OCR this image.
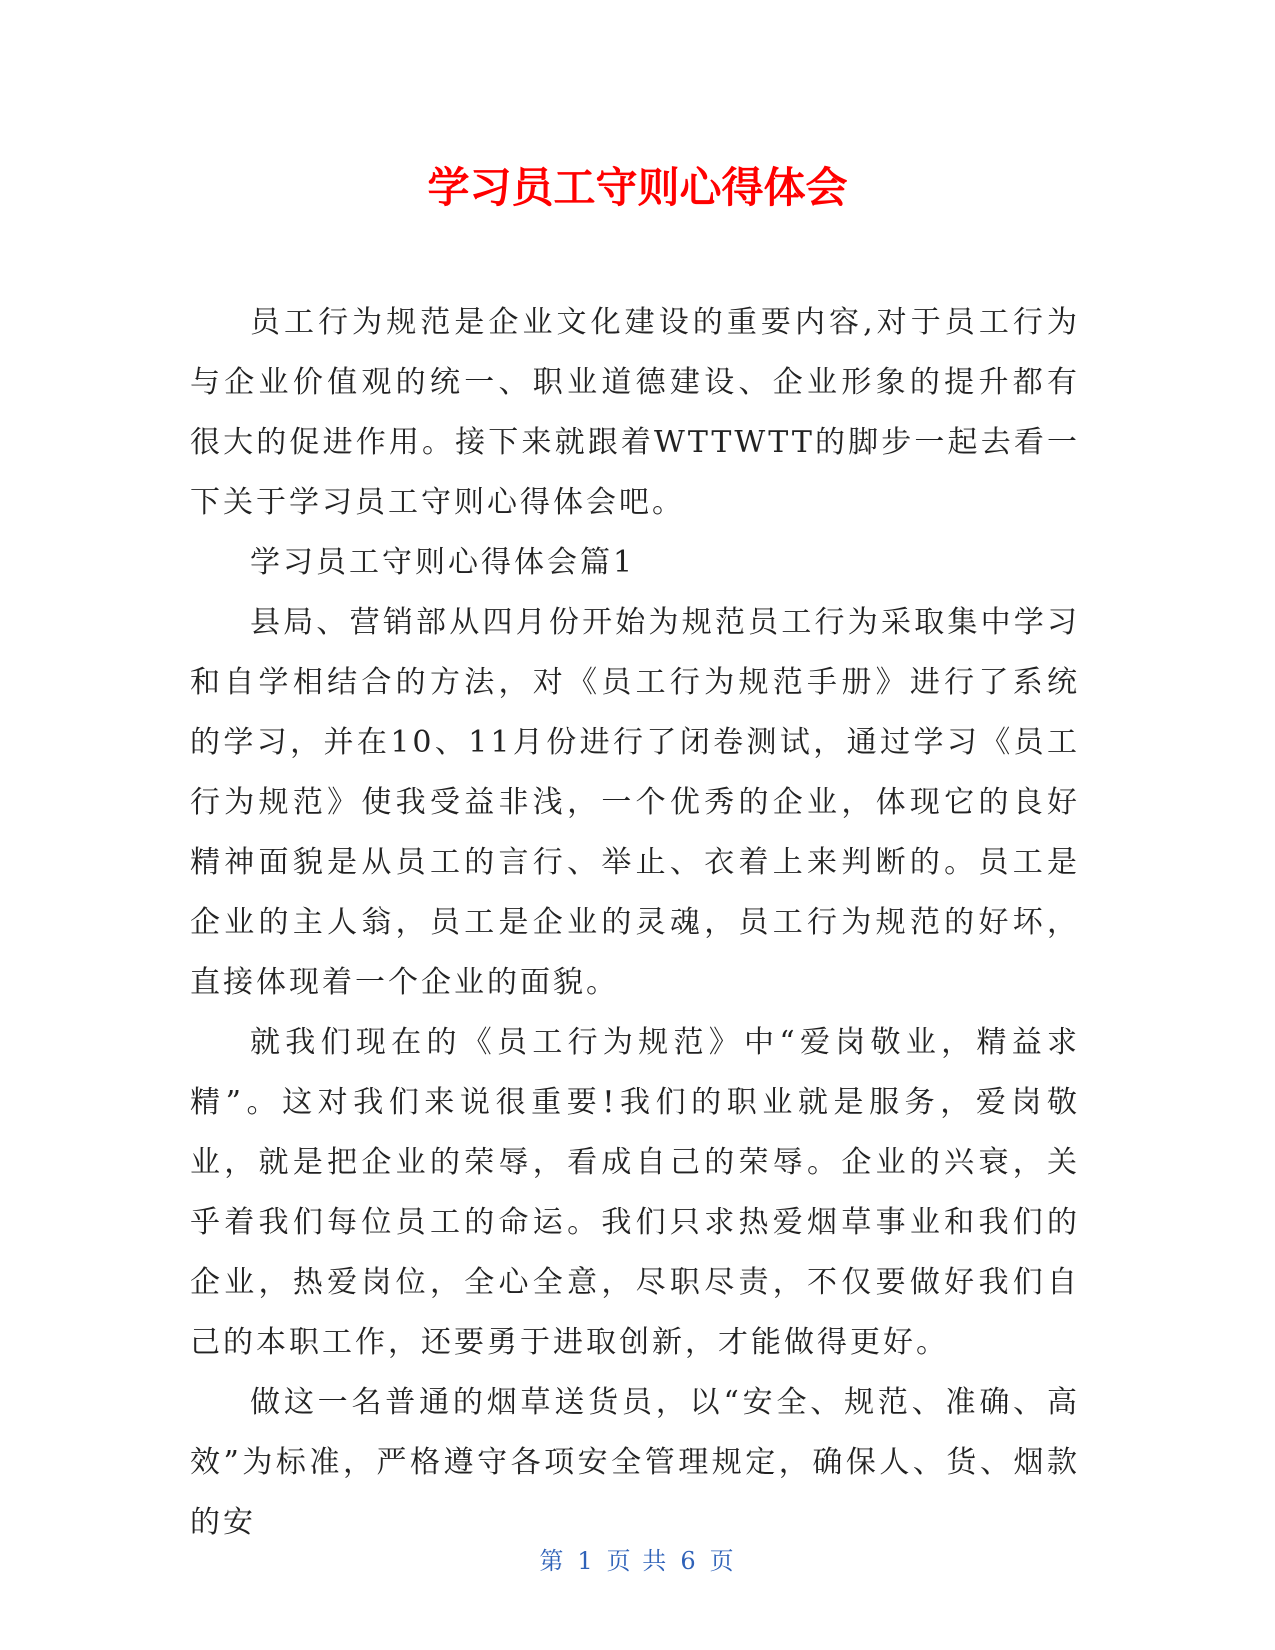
学习员工守则心得体会

员工行为规范是企业文化建设的重要内容,对于员工行为与企业价值观的统一、职业道德建设、企业形象的提升都有很大的促进作用。接下来就跟着WTTWTT的脚步一起去看一下关于学习员工守则心得体会吧。

学习员工守则心得体会篇1

县局、营销部从四月份开始为规范员工行为采取集中学习和自学相结合的方法，对《员工行为规范手册》进行了系统的学习，并在10、11月份进行了闭卷测试，通过学习《员工行为规范》使我受益非浅，一个优秀的企业，体现它的良好精神面貌是从员工的言行、举止、衣着上来判断的。员工是企业的主人翁，员工是企业的灵魂，员工行为规范的好坏，直接体现着一个企业的面貌。

就我们现在的《员工行为规范》中“爱岗敬业，精益求精”。这对我们来说很重要!我们的职业就是服务，爱岗敬业，就是把企业的荣辱，看成自己的荣辱。企业的兴衰，关乎着我们每位员工的命运。我们只求热爱烟草事业和我们的企业，热爱岗位，全心全意，尽职尽责，不仅要做好我们自己的本职工作，还要勇于进取创新，才能做得更好。

做这一名普通的烟草送货员，以“安全、规范、准确、高效”为标准，严格遵守各项安全管理规定，确保人、货、烟款的安

第 1 页 共 6 页
